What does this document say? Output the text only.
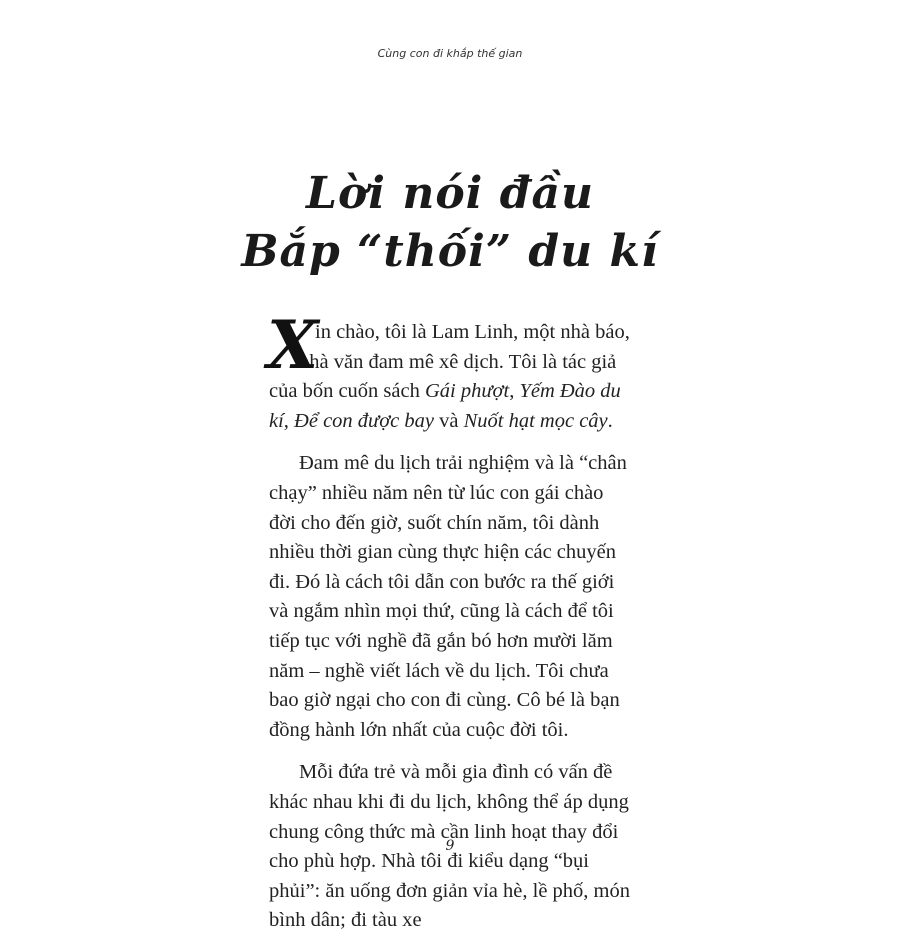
Cùng con đi khắp thế gian
Lời nói đầu
Bắp “thối” du kí

X
in chào, tôi là Lam Linh, một nhà báo,
nhà văn đam mê xê dịch. Tôi là tác giả
của bốn cuốn sách Gái phượt, Yếm Đào du kí, Để con được bay và Nuốt hạt mọc cây.

Đam mê du lịch trải nghiệm và là “chân chạy” nhiều năm nên từ lúc con gái chào đời cho đến giờ, suốt chín năm, tôi dành nhiều thời gian cùng thực hiện các chuyến đi. Đó là cách tôi dẫn con bước ra thế giới và ngắm nhìn mọi thứ, cũng là cách để tôi tiếp tục với nghề đã gắn bó hơn mười lăm năm – nghề viết lách về du lịch. Tôi chưa bao giờ ngại cho con đi cùng. Cô bé là bạn đồng hành lớn nhất của cuộc đời tôi.

Mỗi đứa trẻ và mỗi gia đình có vấn đề khác nhau khi đi du lịch, không thể áp dụng chung công thức mà cần linh hoạt thay đổi cho phù hợp. Nhà tôi đi kiểu dạng “bụi phủi”: ăn uống đơn giản vỉa hè, lề phố, món bình dân; đi tàu xe

9
